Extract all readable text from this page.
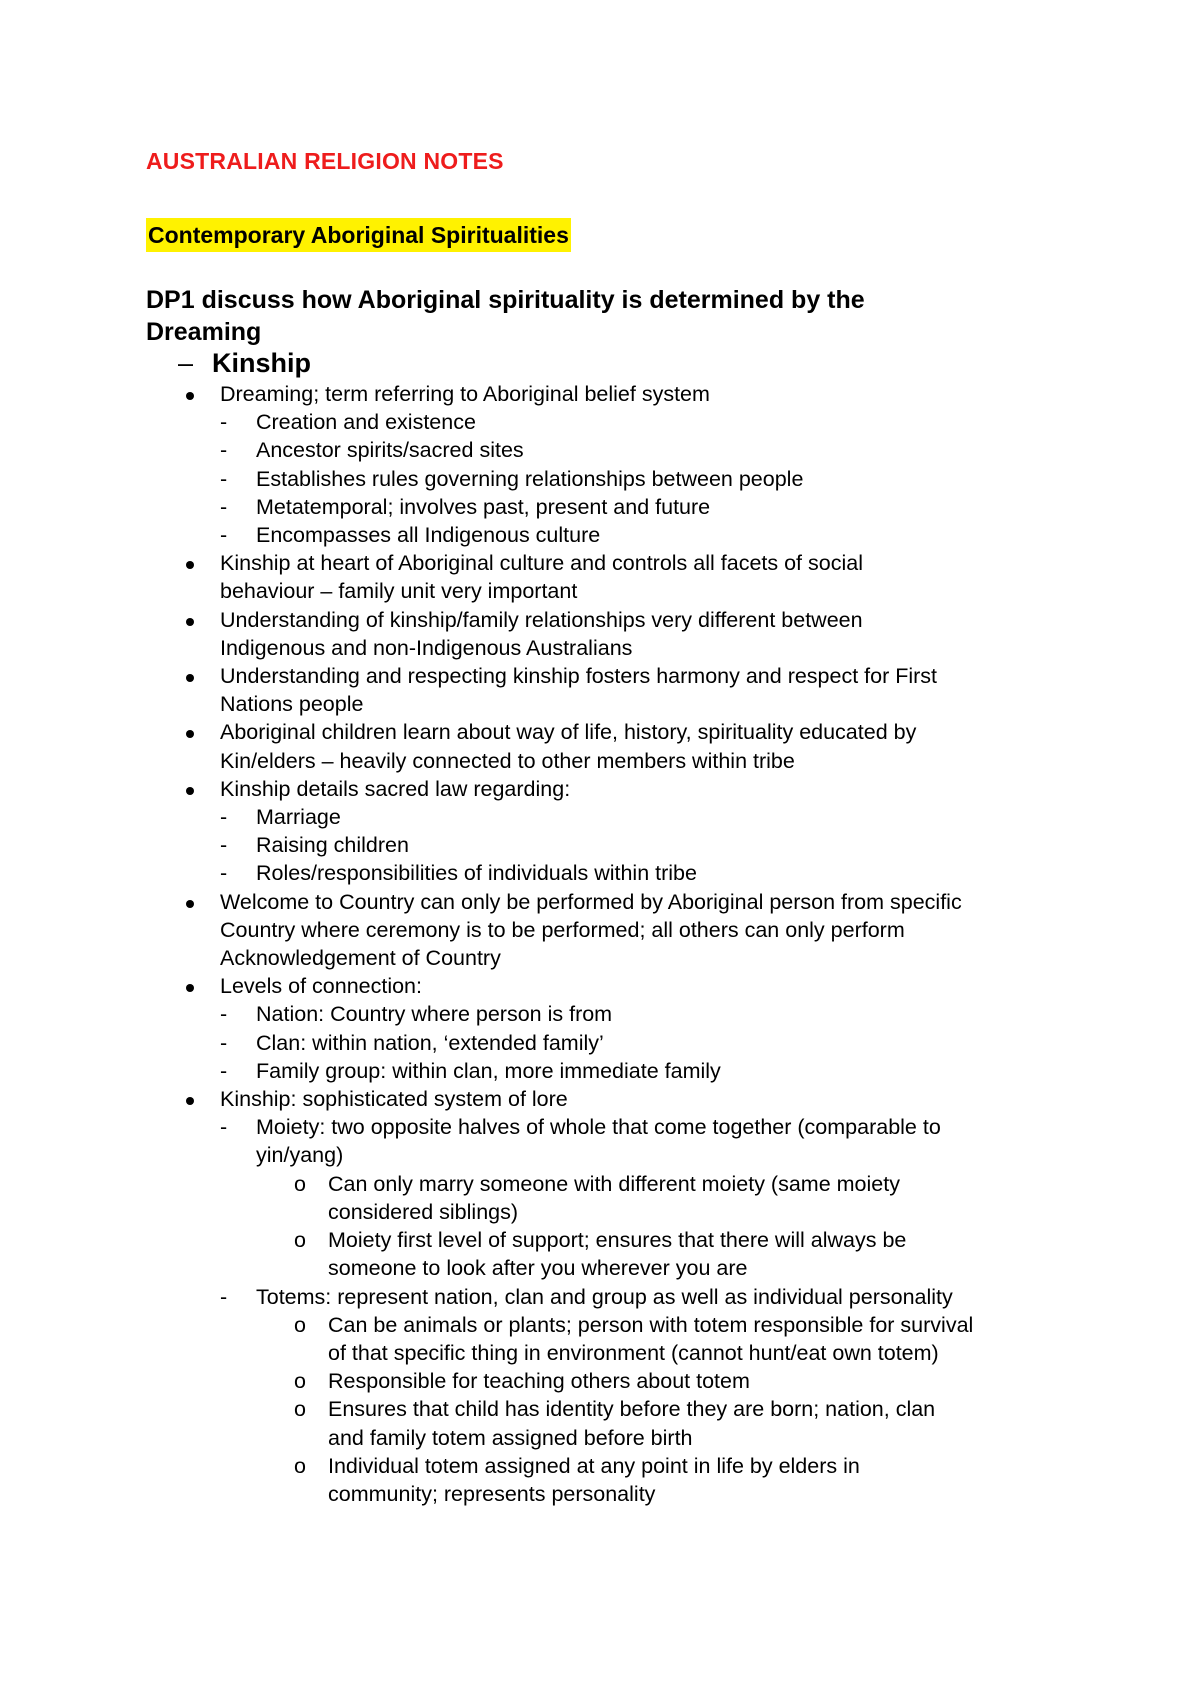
AUSTRALIAN RELIGION NOTES
Contemporary Aboriginal Spiritualities
DP1 discuss how Aboriginal spirituality is determined by the
Dreaming
– Kinship
Dreaming; term referring to Aboriginal belief system
- Creation and existence
- Ancestor spirits/sacred sites
- Establishes rules governing relationships between people
- Metatemporal; involves past, present and future
- Encompasses all Indigenous culture
Kinship at heart of Aboriginal culture and controls all facets of social
behaviour – family unit very important
Understanding of kinship/family relationships very different between
Indigenous and non-Indigenous Australians
Understanding and respecting kinship fosters harmony and respect for First
Nations people
Aboriginal children learn about way of life, history, spirituality educated by
Kin/elders – heavily connected to other members within tribe
Kinship details sacred law regarding:
- Marriage
- Raising children
- Roles/responsibilities of individuals within tribe
Welcome to Country can only be performed by Aboriginal person from specific
Country where ceremony is to be performed; all others can only perform
Acknowledgement of Country
Levels of connection:
- Nation: Country where person is from
- Clan: within nation, ‘extended family’
- Family group: within clan, more immediate family
Kinship: sophisticated system of lore
- Moiety: two opposite halves of whole that come together (comparable to
yin/yang)
o Can only marry someone with different moiety (same moiety
considered siblings)
o Moiety first level of support; ensures that there will always be
someone to look after you wherever you are
- Totems: represent nation, clan and group as well as individual personality
o Can be animals or plants; person with totem responsible for survival
of that specific thing in environment (cannot hunt/eat own totem)
o Responsible for teaching others about totem
o Ensures that child has identity before they are born; nation, clan
and family totem assigned before birth
o Individual totem assigned at any point in life by elders in
community; represents personality
